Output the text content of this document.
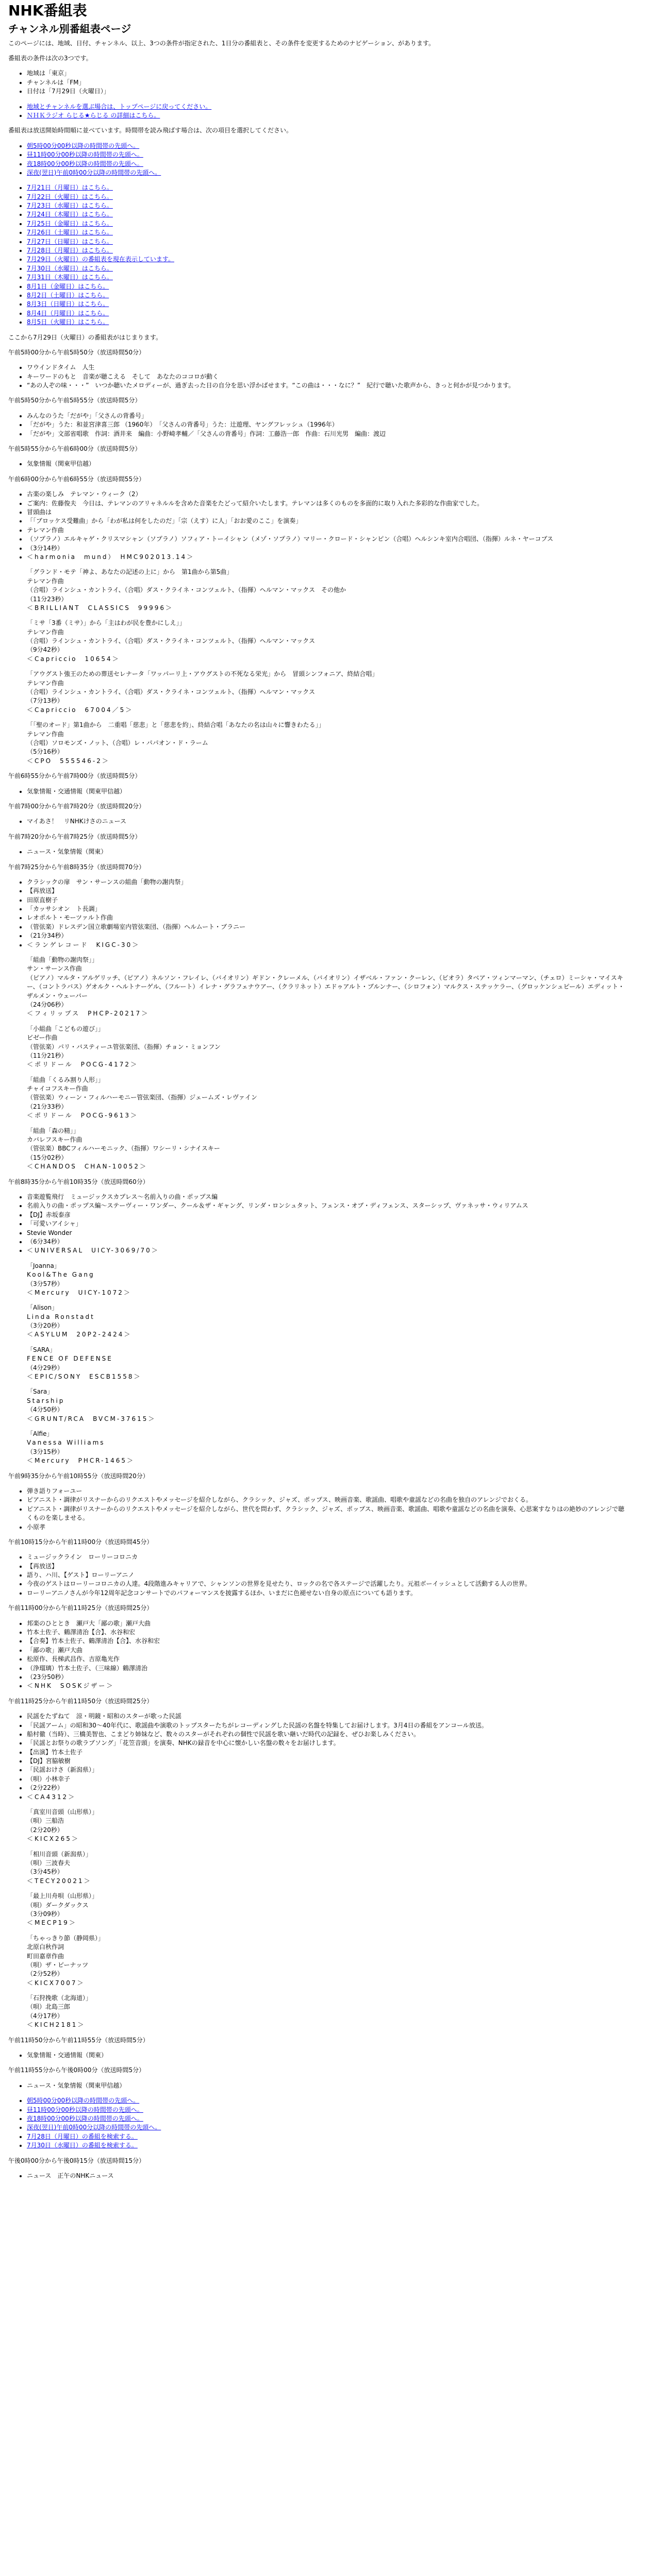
NHK番組表
チャンネル別番組表ページ

このページには、地域、日付、チャンネル、以上、3つの条件が指定された、1日分の番組表と、その条件を変更するためのナビゲーション、があります。

番組表の条件は次の3つです。

• 地域は「東京」
• チャンネルは「FM」
• 日付は「7月29日（火曜日）」
• 地域とチャンネルを選ぶ場合は、トップページに戻ってください。
• ＮＨＫラジオ らじる★らじる の詳細はこちら。

番組表は放送開始時間順に並べています。時間帯を読み飛ばす場合は、次の項目を選択してください。

• 朝5時00分00秒以降の時間帯の先頭へ。
• 昼11時00分00秒以降の時間帯の先頭へ。
• 夜18時00分00秒以降の時間帯の先頭へ。
• 深夜(翌日)午前0時00分以降の時間帯の先頭へ。
• 7月21日（月曜日）はこちら。
• 7月22日（火曜日）はこちら。
• 7月23日（水曜日）はこちら。
• 7月24日（木曜日）はこちら。
• 7月25日（金曜日）はこちら。
• 7月26日（土曜日）はこちら。
• 7月27日（日曜日）はこちら。
• 7月28日（月曜日）はこちら。
• 7月29日（火曜日）の番組表を現在表示しています。
• 7月30日（水曜日）はこちら。
• 7月31日（木曜日）はこちら。
• 8月1日（金曜日）はこちら。
• 8月2日（土曜日）はこちら。
• 8月3日（日曜日）はこちら。
• 8月4日（月曜日）はこちら。
• 8月5日（火曜日）はこちら。

ここから7月29日（火曜日）の番組表がはじまります。

午前5時00分から午前5時50分（放送時間50分）

• ワウインドタイム　人生
• キーワードのもと　音楽が聴こえる　そして　あなたのココロが動く
• “あの人ぞの味・・・”　いつか聴いたメロディーが、過ぎ去った日の自分を思い浮かばせます。“この曲は・・・なに？”　紀行で聴いた歌声から、きっと何かが見つかります。

午前5時50分から午前5時55分（放送時間5分）

• みんなのうた「だがや」「父さんの背番号」
• 「だがや」うた：和並宮津喜三郎 （1960年）　「父さんの背番号」うた：辻遊理、ヤングフレッシュ（1996年）
• 「だがや」文部省唱歌　作詞：酒井来　編曲：小野崎孝輔／「父さんの背番号」作詞：工藤浩一郎　作曲：石川光男　編曲：渡辺

午前5時55分から午前6時00分（放送時間5分）

• 気象情報（関東甲信越）

午前6時00分から午前6時55分（放送時間55分）

• 古楽の楽しみ　テレマン・ウィーク（2）
• ご案内：佐藤俊夫　今日は、テレマンのアリャネルルを含めた音楽をたどって紹介いたします。テレマンは多くのものを多面的に取り入れた多彩的な作曲家でした。
• 冒頭曲は
• 「「ブロッケス受難曲」から「わが私は何をしたのだ」「宗（えす）に人」「おお愛のここ」を演奏」
• テレマン作曲
• （ソプラノ）エルキャゲ・クリスマシャン（ソプラノ）ソフィア・トーイシャン（メゾ・ソプラノ）マリー・クロード・シャンピン（合唱）ヘルシンキ室内合唱団、（指揮）ルネ・ヤーコブス
• （3分14秒）
• ＜harmonia　mund）　HMC902013.14＞
「グランド・モテ「神よ、あなたの記述の上に」から　第1曲から第5曲」
テレマン作曲
（合唱）ラインシュ・カントライ、（合唱）ダス・クライネ・コンツェルト、（指揮）ヘルマン・マックス　その他か
（11分23秒）
＜BRILLIANT　CLASSICS　99996＞
「ミサ「3番（ミサ）」から「主はわが民を豊かにしえ」」
テレマン作曲
（合唱）ラインシュ・カントライ、（合唱）ダス・クライネ・コンツェルト、（指揮）ヘルマン・マックス
（9分42秒）
＜Capriccio　10654＞
「アウグスト強王のための葬送セレナータ「ワッパーリ上・アウグストの不死なる栄光」から　冒頭シンフォニア、終結合唱」
テレマン作曲
（合唱）ラインシュ・カントライ、（合唱）ダス・クライネ・コンツェルト、（指揮）ヘルマン・マックス
（7分13秒）
＜Capriccio　67004／5＞
「「聖のオード」第1曲から　二重唱「慈悲」と「慈悲を約」、終結合唱「あなたの名は山々に響きわたる」」
テレマン作曲
（合唱）ソロモンズ・ノット、（合唱）レ・パパオン・ド・ラーム
（5分16秒）
＜CPO　555546-2＞

午前6時55分から午前7時00分（放送時間5分）

• 気象情報・交通情報（関東甲信越）

午前7時00分から午前7時20分（放送時間20分）

• マイあさ！　リNHKけさのニュース

午前7時20分から午前7時25分（放送時間5分）

• ニュース・気象情報（関東）

午前7時25分から午前8時35分（放送時間70分）

• クラシックの扉　サン・サーンスの組曲「動物の謝肉祭」
• 【再放送】
• 田原直樹子
• 「カッサシオン　ト長調」
• レオポルト・モーツァルト作曲
• （管弦楽）ドレスデン国立歌劇場室内管弦楽団、（指揮）ヘルムート・ブラニー
• （21分34秒）
• ＜ランゲレコード　KIGC-30＞
「組曲「動物の謝肉祭」」
サン・サーンス作曲
（ピアノ）マルタ・アルゲリッチ、（ピアノ）ネルソン・フレイレ、（バイオリン）ギドン・クレーメル、（バイオリン）イザベル・ファン・クーレン、（ビオラ）タベア・ツィンマーマン、（チェロ）ミーシャ・マイスキー、（コントラバス）ゲオルク・ヘルトナーゲル、（フルート）イレナ・グラフェナウアー、（クラリネット）エドゥアルト・ブルンナー、（シロフォン）マルクス・ステッケラー、（グロッケンシュピール）エディット・ザルメン・ウェーバー
（24分06秒）
＜フィリップス　PHCP-20217＞
「小組曲「こどもの遊び」」
ビゼー作曲
（管弦楽）パリ・バスティーユ管弦楽団、（指揮）チョン・ミョンフン
（11分21秒）
＜ポリドール　POCG-4172＞
「組曲「くるみ割り人形」」
チャイコフスキー作曲
（管弦楽）ウィーン・フィルハーモニー管弦楽団、（指揮）ジェームズ・レヴァイン
（21分33秒）
＜ポリドール　POCG-9613＞
「組曲「森の精」」
カバレフスキー作曲
（管弦楽）BBCフィルハーモニック、（指揮）ワシーリ・シナイスキー
（15分02秒）
＜CHANDOS　CHAN-10052＞

午前8時35分から午前10時35分（放送時間60分）

• 音楽遊覧飛行　ミュージックスカプレス〜名前入りの曲・ポップス編
• 名前入りの曲・ポップス編〜ステーヴィー・ワンダー、クール＆ザ・ギャング、リンダ・ロンシュタット、フェンス・オブ・ディフェンス、スターシップ、ヴァネッサ・ウィリアムス
• 【DJ】赤坂泰彦
• 「可愛いアイシャ」
• Stevie Wonder
• （6分34秒）
• ＜UNIVERSAL　UICY-3069/70＞
「Joanna」
Kool&The Gang
（3分57秒）
＜Mercury　UICY-1072＞
「Alison」
Linda Ronstadt
（3分20秒）
＜ASYLUM　20P2-2424＞
「SARA」
FENCE OF DEFENSE
（4分29秒）
＜EPIC/SONY　ESCB1558＞
「Sara」
Starship
（4分50秒）
＜GRUNT/RCA　BVCM-37615＞
「Alfie」
Vanessa Williams
（3分15秒）
＜Mercury　PHCR-1465＞

午前9時35分から午前10時55分（放送時間20分）

• 弾き語りフォーユー
• ピアニスト・調律がリスナーからのリクエストやメッセージを紹介しながら、クラシック、ジャズ、ポップス、映画音楽、歌謡曲、唱歌や童謡などの名曲を独自のアレンジでおくる。
• ピアニスト・調律がリスナーからのリクエストやメッセージを紹介しながら、世代を問わず、クラシック、ジャズ、ポップス、映画音楽、歌謡曲、唱歌や童謡などの名曲を演奏、心思案すなりはの絶妙のアレンジで聴くものを楽しませる。
• 小原孝

午前10時15分から午前11時00分（放送時間45分）

• ミュージックライン　ローリーコロニカ
• 【再放送】
• 語り、ハ川、【ゲスト】ローリーアニノ
• 今夜のゲストはローリーコロニカの人達。4段階進みキャリアで、シャンソンの世界を見せたり、ロックの名で各ステージで活躍したり。元祖ボーイッシュとして活動する人の世界。
• ローリーアニノさんが今年12周年記念コンサートでのパフォーマンスを披露するほか、いまだに色褪せない自身の原点についても語ります。

午前11時00分から午前11時25分（放送時間25分）

• 邦楽のひととき　瀬戸大「鄙の歌」瀬戸大曲
• 竹本土佐子、鶴澤清治【合】、水谷和宏
• 【合奏】竹本土佐子、鶴澤清治【合】、水谷和宏
• 「鄙の歌」瀬戸大曲
• 松原作、長梯武昌作、吉原亀光作
• （浄瑠璃）竹本土佐子、（三味線）鶴澤清治
• （23分50秒）
• ＜NHK　SOSKジザー＞

午前11時25分から午前11時50分（放送時間25分）

• 民謡をたずねて　涼・明鏡・昭和のスターが歌った民謡
• 「民謡アーム」の昭和30〜40年代に、歌謡曲や演歌のトップスターたちがレコーディングした民謡の名盤を特集してお届けします。3月4日の番組をアンコール放送。
• 船村徹（当時）、三橋美智也、こまどり姉妹など、数々のスターがそれぞれの個性で民謡を歌い継いだ時代の記録を、ぜひお楽しみください。
• 「民謡とお祭りの歌ラブソング」「花笠音頭」を演奏、NHKの録音を中心に懐かしい名盤の数々をお届けします。
• 【出演】竹本土佐子
• 【DJ】宮脇敏樹
• 「民謡おけさ（新潟県）」
• （唄）小林幸子
• （2分22秒）
• ＜CA4312＞
「真室川音頭（山形県）」
（唄）三船浩
（2分20秒）
＜KICX265＞
「相川音頭（新潟県）」
（唄）三波春夫
（3分45秒）
＜TECY20021＞
「最上川舟唄（山形県）」
（唄）ダークダックス
（3分09秒）
＜MECP19＞
「ちゃっきり節（静岡県）」
北原白秋作詞
町田嘉章作曲
（唄）ザ・ピーナッツ
（2分52秒）
＜KICX7007＞
「石狩挽歌（北海道）」
（唄）北島三郎
（4分17秒）
＜KICH2181＞

午前11時50分から午前11時55分（放送時間5分）

• 気象情報・交通情報（関東）

午前11時55分から午後0時00分（放送時間5分）

• ニュース・気象情報（関東甲信越）
• 朝5時00分00秒以降の時間帯の先頭へ。
• 昼11時00分00秒以降の時間帯の先頭へ。
• 夜18時00分00秒以降の時間帯の先頭へ。
• 深夜(翌日)午前0時00分以降の時間帯の先頭へ。
• 7月28日（月曜日）の番組を検索する。
• 7月30日（水曜日）の番組を検索する。

午後0時00分から午後0時15分（放送時間15分）

• ニュース　正午のNHKニュース
